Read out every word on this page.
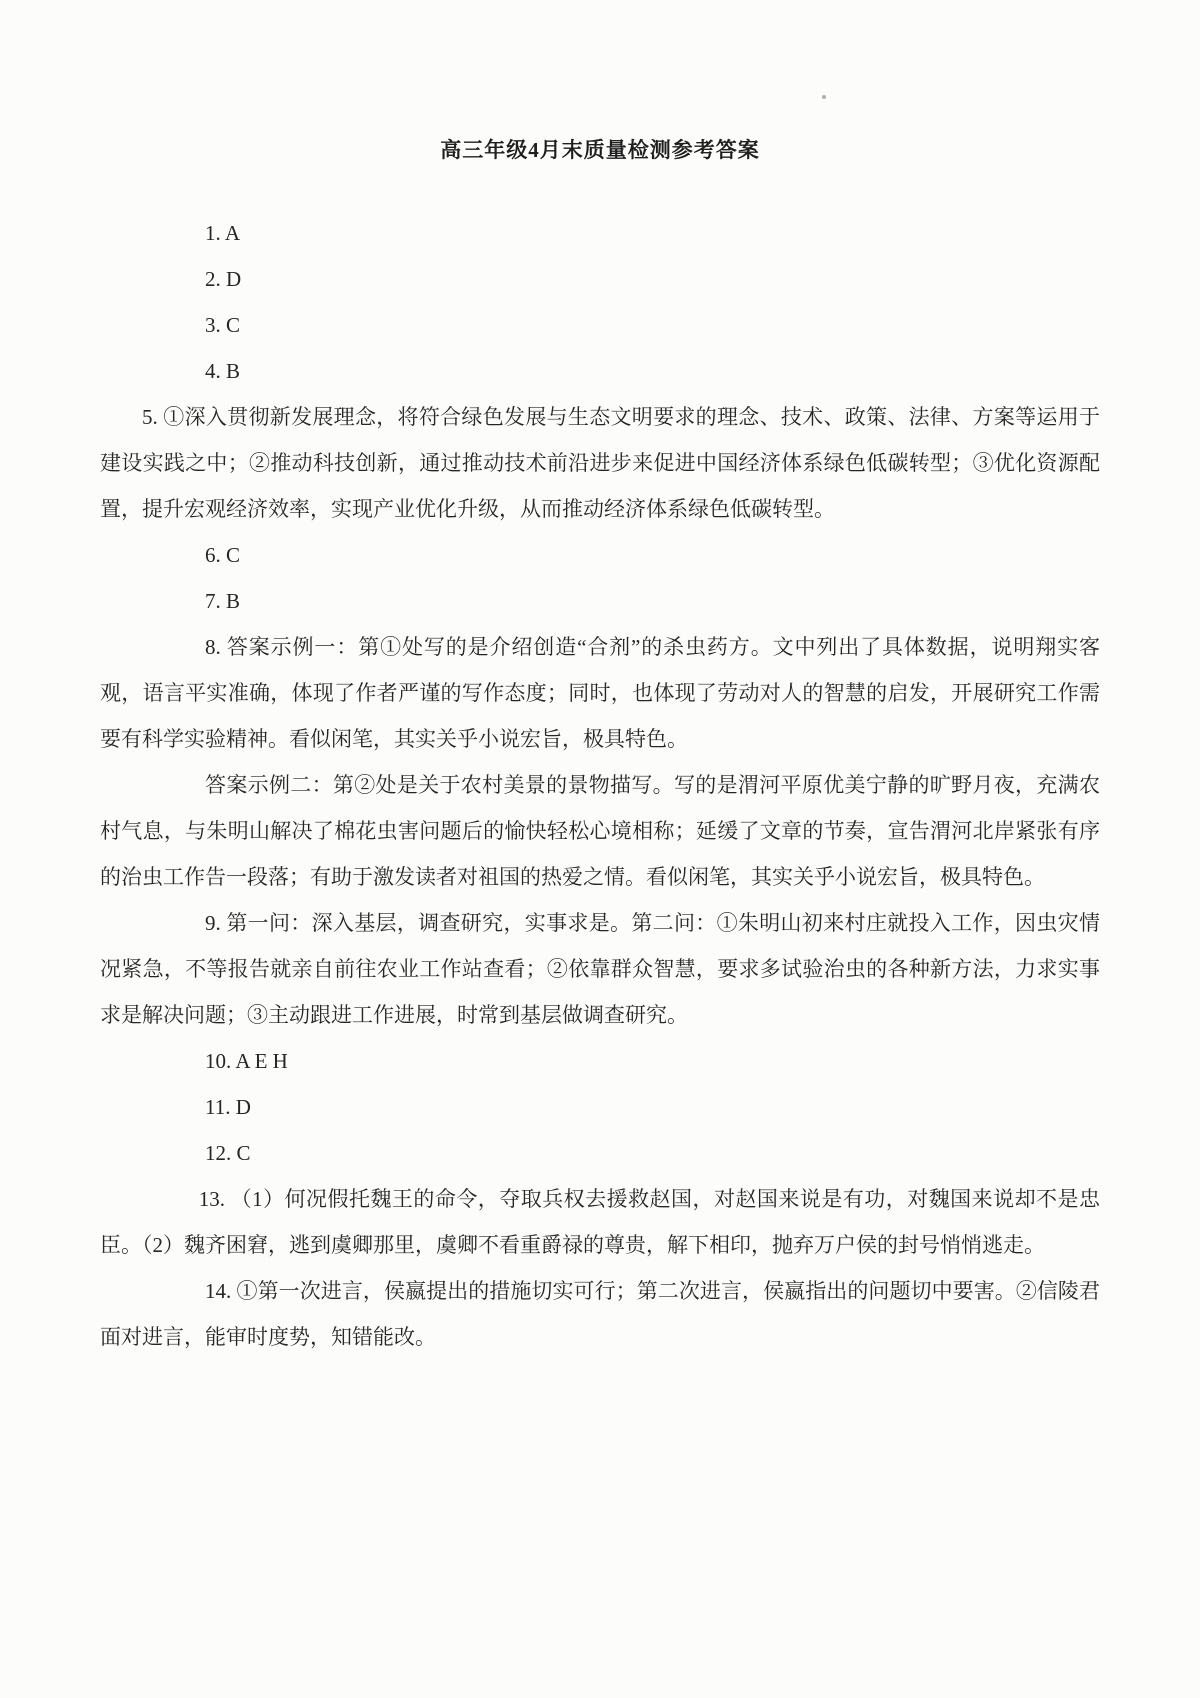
高三年级4月末质量检测参考答案

1. A

2. D

3. C

4. B

5. ①深入贯彻新发展理念，将符合绿色发展与生态文明要求的理念、技术、政策、法律、方案等运用于建设实践之中；②推动科技创新，通过推动技术前沿进步来促进中国经济体系绿色低碳转型；③优化资源配置，提升宏观经济效率，实现产业优化升级，从而推动经济体系绿色低碳转型。

6. C

7. B

8. 答案示例一：第①处写的是介绍创造“合剂”的杀虫药方。文中列出了具体数据，说明翔实客观，语言平实准确，体现了作者严谨的写作态度；同时，也体现了劳动对人的智慧的启发，开展研究工作需要有科学实验精神。看似闲笔，其实关乎小说宏旨，极具特色。

答案示例二：第②处是关于农村美景的景物描写。写的是渭河平原优美宁静的旷野月夜，充满农村气息，与朱明山解决了棉花虫害问题后的愉快轻松心境相称；延缓了文章的节奏，宣告渭河北岸紧张有序的治虫工作告一段落；有助于激发读者对祖国的热爱之情。看似闲笔，其实关乎小说宏旨，极具特色。

9. 第一问：深入基层，调查研究，实事求是。第二问：①朱明山初来村庄就投入工作，因虫灾情况紧急，不等报告就亲自前往农业工作站查看；②依靠群众智慧，要求多试验治虫的各种新方法，力求实事求是解决问题；③主动跟进工作进展，时常到基层做调查研究。

10. A E H

11. D

12. C

13. （1）何况假托魏王的命令，夺取兵权去援救赵国，对赵国来说是有功，对魏国来说却不是忠臣。（2）魏齐困窘，逃到虞卿那里，虞卿不看重爵禄的尊贵，解下相印，抛弃万户侯的封号悄悄逃走。

14. ①第一次进言，侯嬴提出的措施切实可行；第二次进言，侯嬴指出的问题切中要害。②信陵君面对进言，能审时度势，知错能改。
